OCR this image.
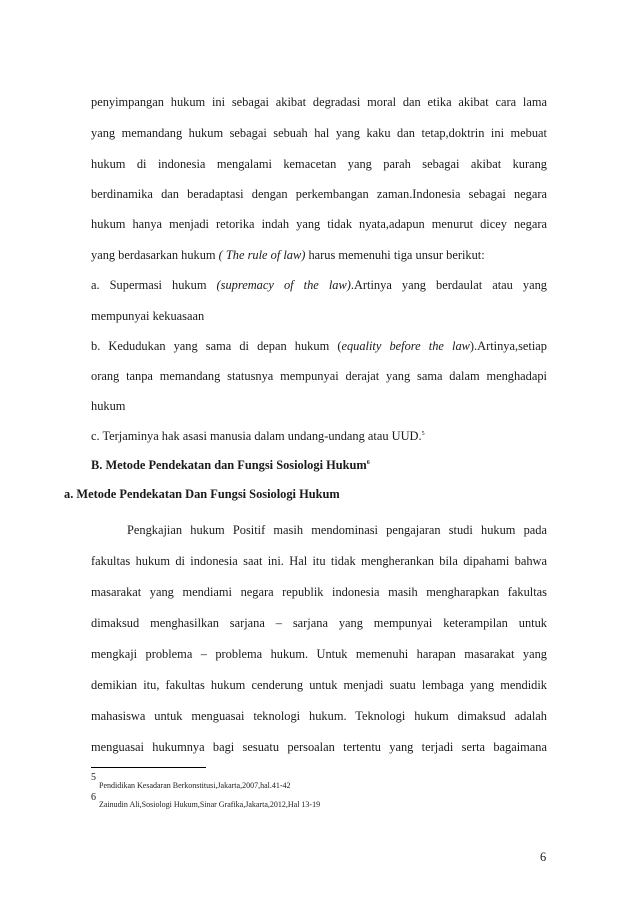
penyimpangan hukum ini sebagai akibat degradasi moral dan etika akibat cara lama
yang memandang hukum sebagai sebuah hal yang kaku dan tetap,doktrin ini mebuat
hukum di indonesia mengalami kemacetan yang parah sebagai akibat kurang
berdinamika dan beradaptasi dengan perkembangan zaman.Indonesia sebagai negara
hukum hanya menjadi retorika indah yang tidak nyata,adapun menurut dicey negara
yang berdasarkan hukum ( The rule of law) harus memenuhi tiga unsur berikut:
a. Supermasi hukum (supremacy of the law).Artinya yang berdaulat atau yang
mempunyai kekuasaan
b. Kedudukan yang sama di depan hukum (equality before the law).Artinya,setiap
orang tanpa memandang statusnya mempunyai derajat yang sama dalam menghadapi
hukum
c. Terjaminya hak asasi manusia dalam undang-undang atau UUD.$^5$
B. Metode Pendekatan dan Fungsi Sosiologi Hukum$^6$
a. Metode Pendekatan Dan Fungsi Sosiologi Hukum
Pengkajian hukum Positif masih mendominasi pengajaran studi hukum pada
fakultas hukum di indonesia saat ini. Hal itu tidak mengherankan bila dipahami bahwa
masarakat yang mendiami negara republik indonesia masih mengharapkan fakultas
dimaksud menghasilkan sarjana – sarjana yang mempunyai keterampilan untuk
mengkaji problema – problema hukum. Untuk memenuhi harapan masarakat yang
demikian itu, fakultas hukum cenderung untuk menjadi suatu lembaga yang mendidik
mahasiswa untuk menguasai teknologi hukum. Teknologi hukum dimaksud adalah
menguasai hukumnya bagi sesuatu persoalan tertentu yang terjadi serta bagaimana
5
Pendidikan Kesadaran Berkonstitusi,Jakarta,2007,hal.41-42
6
Zainudin Ali,Sosiologi Hukum,Sinar Grafika,Jakarta,2012,Hal 13-19
6
